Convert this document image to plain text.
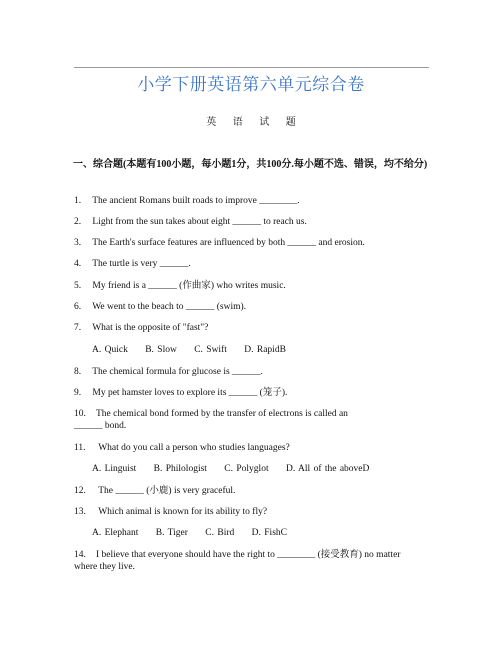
小学下册英语第六单元综合卷
英 语 试 题
一、综合题(本题有100小题，每小题1分，共100分.每小题不选、错误，均不给分)
1. The ancient Romans built roads to improve ________.
2. Light from the sun takes about eight ______ to reach us.
3. The Earth's surface features are influenced by both ______ and erosion.
4. The turtle is very ______.
5. My friend is a ______ (作曲家) who writes music.
6. We went to the beach to ______ (swim).
7. What is the opposite of "fast"?
A. Quick B. Slow C. Swift D. RapidB
8. The chemical formula for glucose is ______.
9. My pet hamster loves to explore its ______ (笼子).
10. The chemical bond formed by the transfer of electrons is called an ______ bond.
11. What do you call a person who studies languages?
A. Linguist B. Philologist C. Polyglot D. All of the aboveD
12. The ______ (小鹿) is very graceful.
13. Which animal is known for its ability to fly?
A. Elephant B. Tiger C. Bird D. FishC
14. I believe that everyone should have the right to ________ (接受教育) no matter where they live.
